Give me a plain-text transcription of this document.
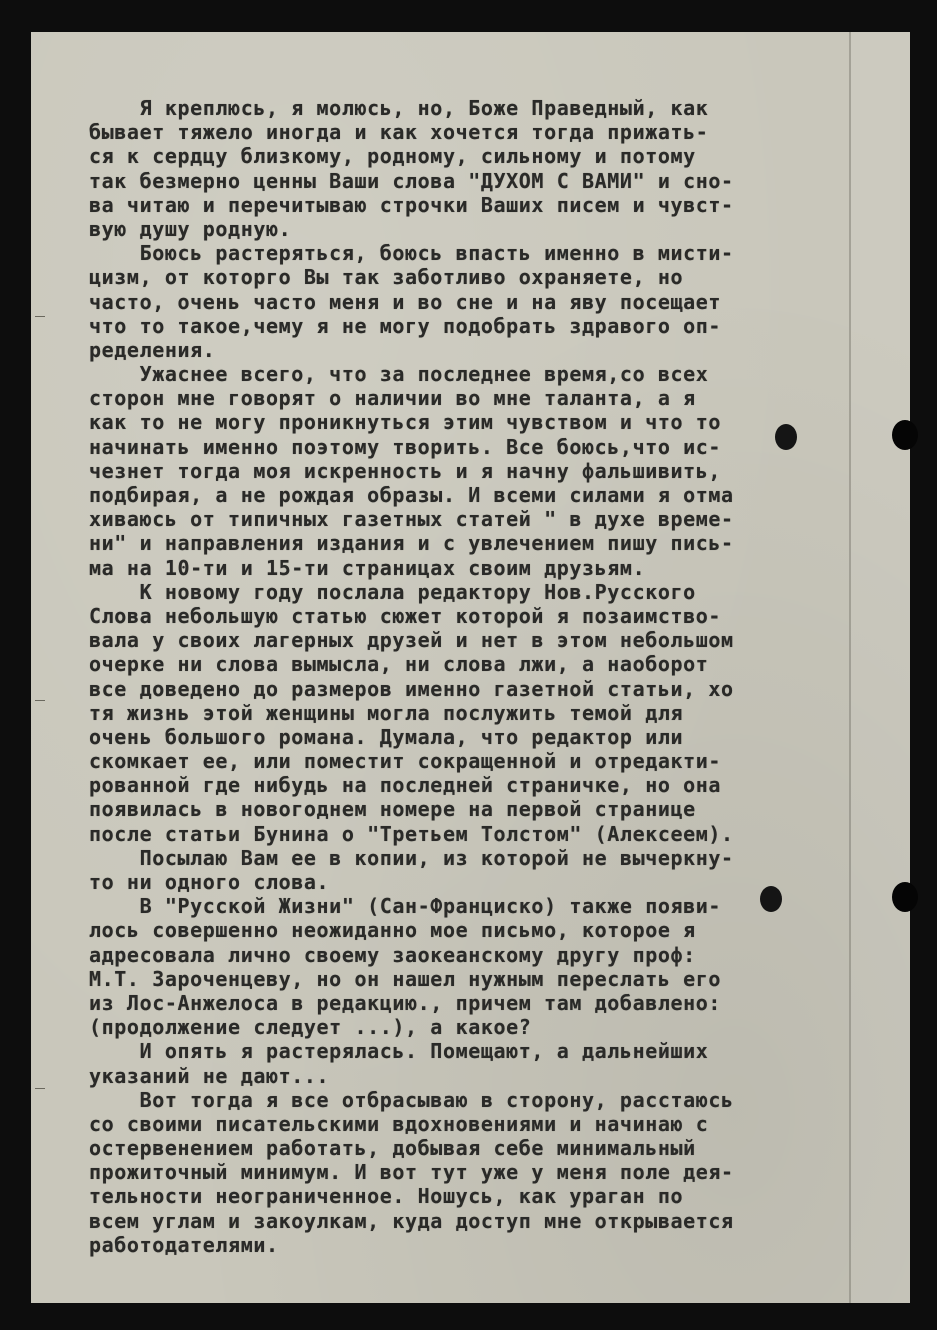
Я креплюсь, я молюсь, но, Боже Праведный, как
бывает тяжело иногда и как хочется тогда прижать-
ся к сердцу близкому, родному, сильному и потому
так безмерно ценны Ваши слова "ДУХОМ С ВАМИ" и сно-
ва читаю и перечитываю строчки Ваших писем и чувст-
вую душу родную.
Боюсь растеряться, боюсь впасть именно в мисти-
цизм, от которго Вы так заботливо охраняете, но
часто, очень часто меня и во сне и на яву посещает
что то такое,чему я не могу подобрать здравого оп-
ределения.
Ужаснее всего, что за последнее время,со всех
сторон мне говорят о наличии во мне таланта, а я
как то не могу проникнуться этим чувством и что то
начинать именно поэтому творить. Все боюсь,что ис-
чезнет тогда моя искренность и я начну фальшивить,
подбирая, а не рождая образы. И всеми силами я отма
хиваюсь от типичных газетных статей " в духе време-
ни" и направления издания и с увлечением пишу пись-
ма на 10-ти и 15-ти страницах своим друзьям.
К новому году послала редактору Нов.Русского
Слова небольшую статью сюжет которой я позаимство-
вала у своих лагерных друзей и нет в этом небольшом
очерке ни слова вымысла, ни слова лжи, а наоборот
все доведено до размеров именно газетной статьи, хо
тя жизнь этой женщины могла послужить темой для
очень большого романа. Думала, что редактор или
скомкает ее, или поместит сокращенной и отредакти-
рованной где нибудь на последней страничке, но она
появилась в новогоднем номере на первой странице
после статьи Бунина о "Третьем Толстом" (Алексеем).
Посылаю Вам ее в копии, из которой не вычеркну-
то ни одного слова.
В "Русской Жизни" (Сан-Франциско) также появи-
лось совершенно неожиданно мое письмо, которое я
адресовала лично своему заокеанскому другу проф:
М.Т. Зароченцеву, но он нашел нужным переслать его
из Лос-Анжелоса в редакцию., причем там добавлено:
(продолжение следует ...), а какое?
И опять я растерялась. Помещают, а дальнейших
указаний не дают...
Вот тогда я все отбрасываю в сторону, расстаюсь
со своими писательскими вдохновениями и начинаю с
остервенением работать, добывая себе минимальный
прожиточный минимум. И вот тут уже у меня поле дея-
тельности неограниченное. Ношусь, как ураган по
всем углам и закоулкам, куда доступ мне открывается
работодателями.
